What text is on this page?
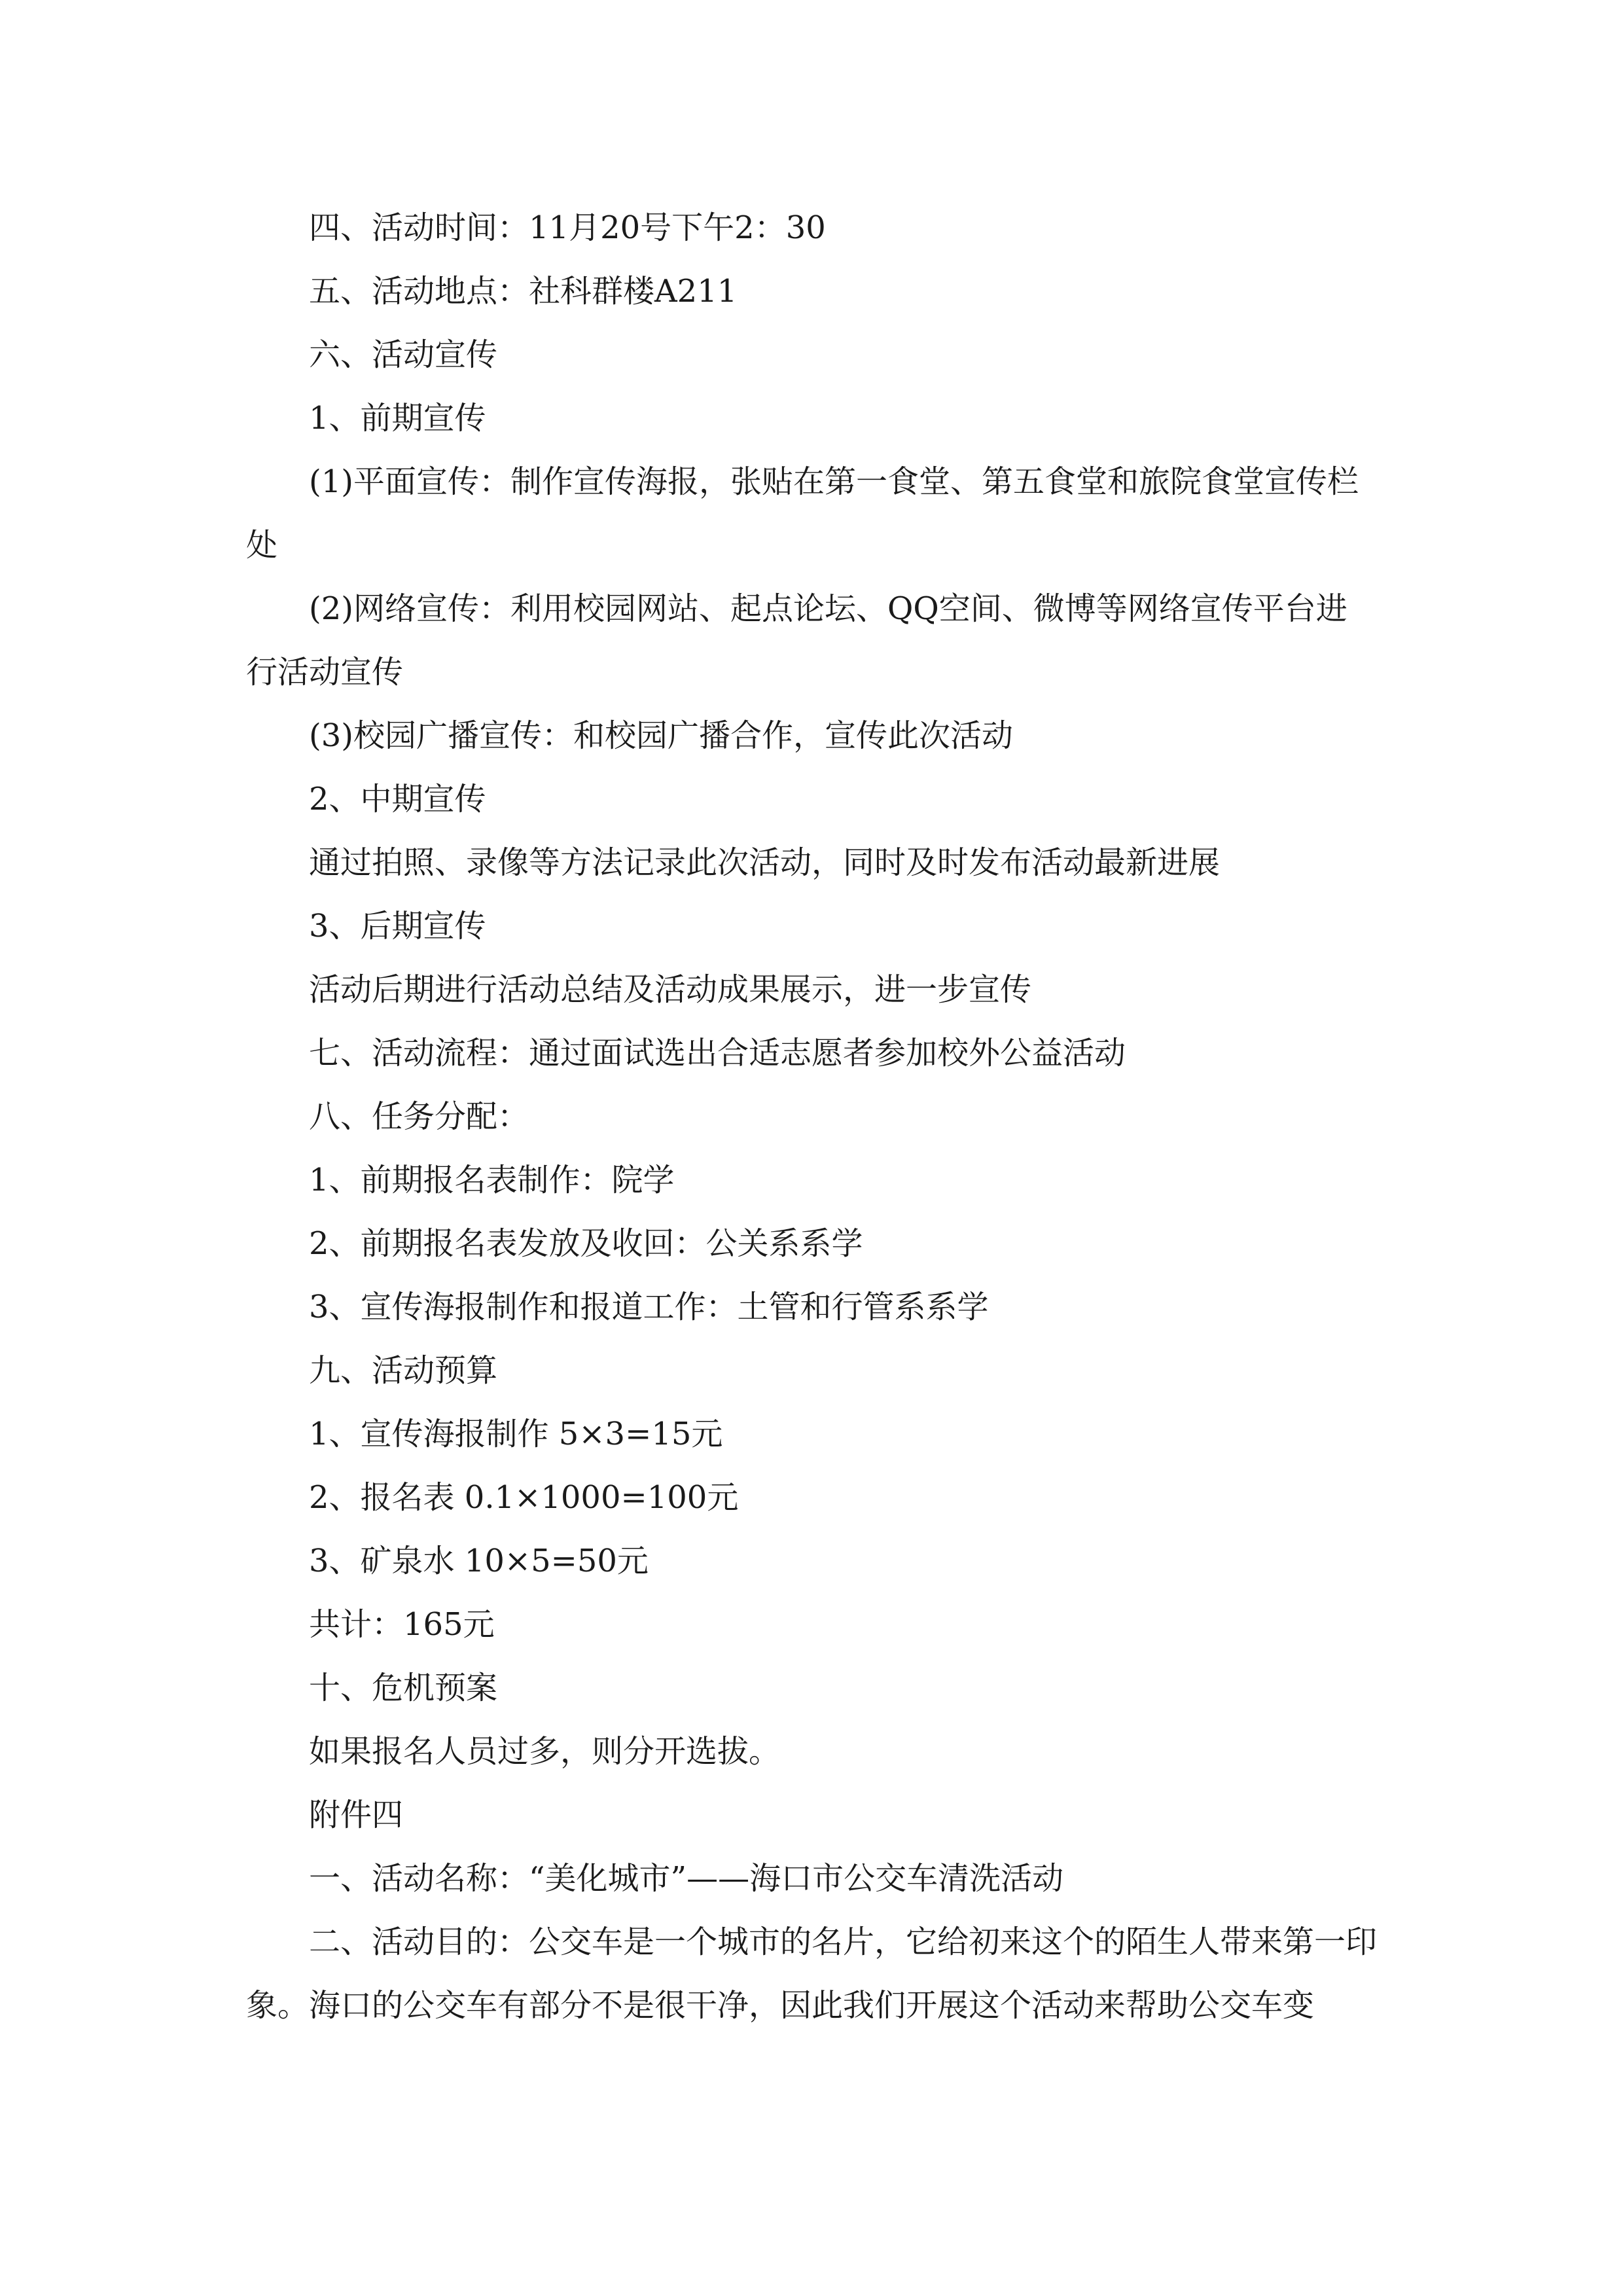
四、活动时间：11月20号下午2：30

五、活动地点：社科群楼A211

六、活动宣传

1、前期宣传

(1)平面宣传：制作宣传海报，张贴在第一食堂、第五食堂和旅院食堂宣传栏处

(2)网络宣传：利用校园网站、起点论坛、QQ空间、微博等网络宣传平台进行活动宣传

(3)校园广播宣传：和校园广播合作，宣传此次活动

2、中期宣传

通过拍照、录像等方法记录此次活动，同时及时发布活动最新进展

3、后期宣传

活动后期进行活动总结及活动成果展示，进一步宣传

七、活动流程：通过面试选出合适志愿者参加校外公益活动

八、任务分配：

1、前期报名表制作：院学

2、前期报名表发放及收回：公关系系学

3、宣传海报制作和报道工作：土管和行管系系学

九、活动预算

1、宣传海报制作 5×3=15元

2、报名表 0.1×1000=100元

3、矿泉水 10×5=50元

共计：165元

十、危机预案

如果报名人员过多，则分开选拔。

附件四

一、活动名称：“美化城市”——海口市公交车清洗活动

二、活动目的：公交车是一个城市的名片，它给初来这个的陌生人带来第一印象。海口的公交车有部分不是很干净，因此我们开展这个活动来帮助公交车变
